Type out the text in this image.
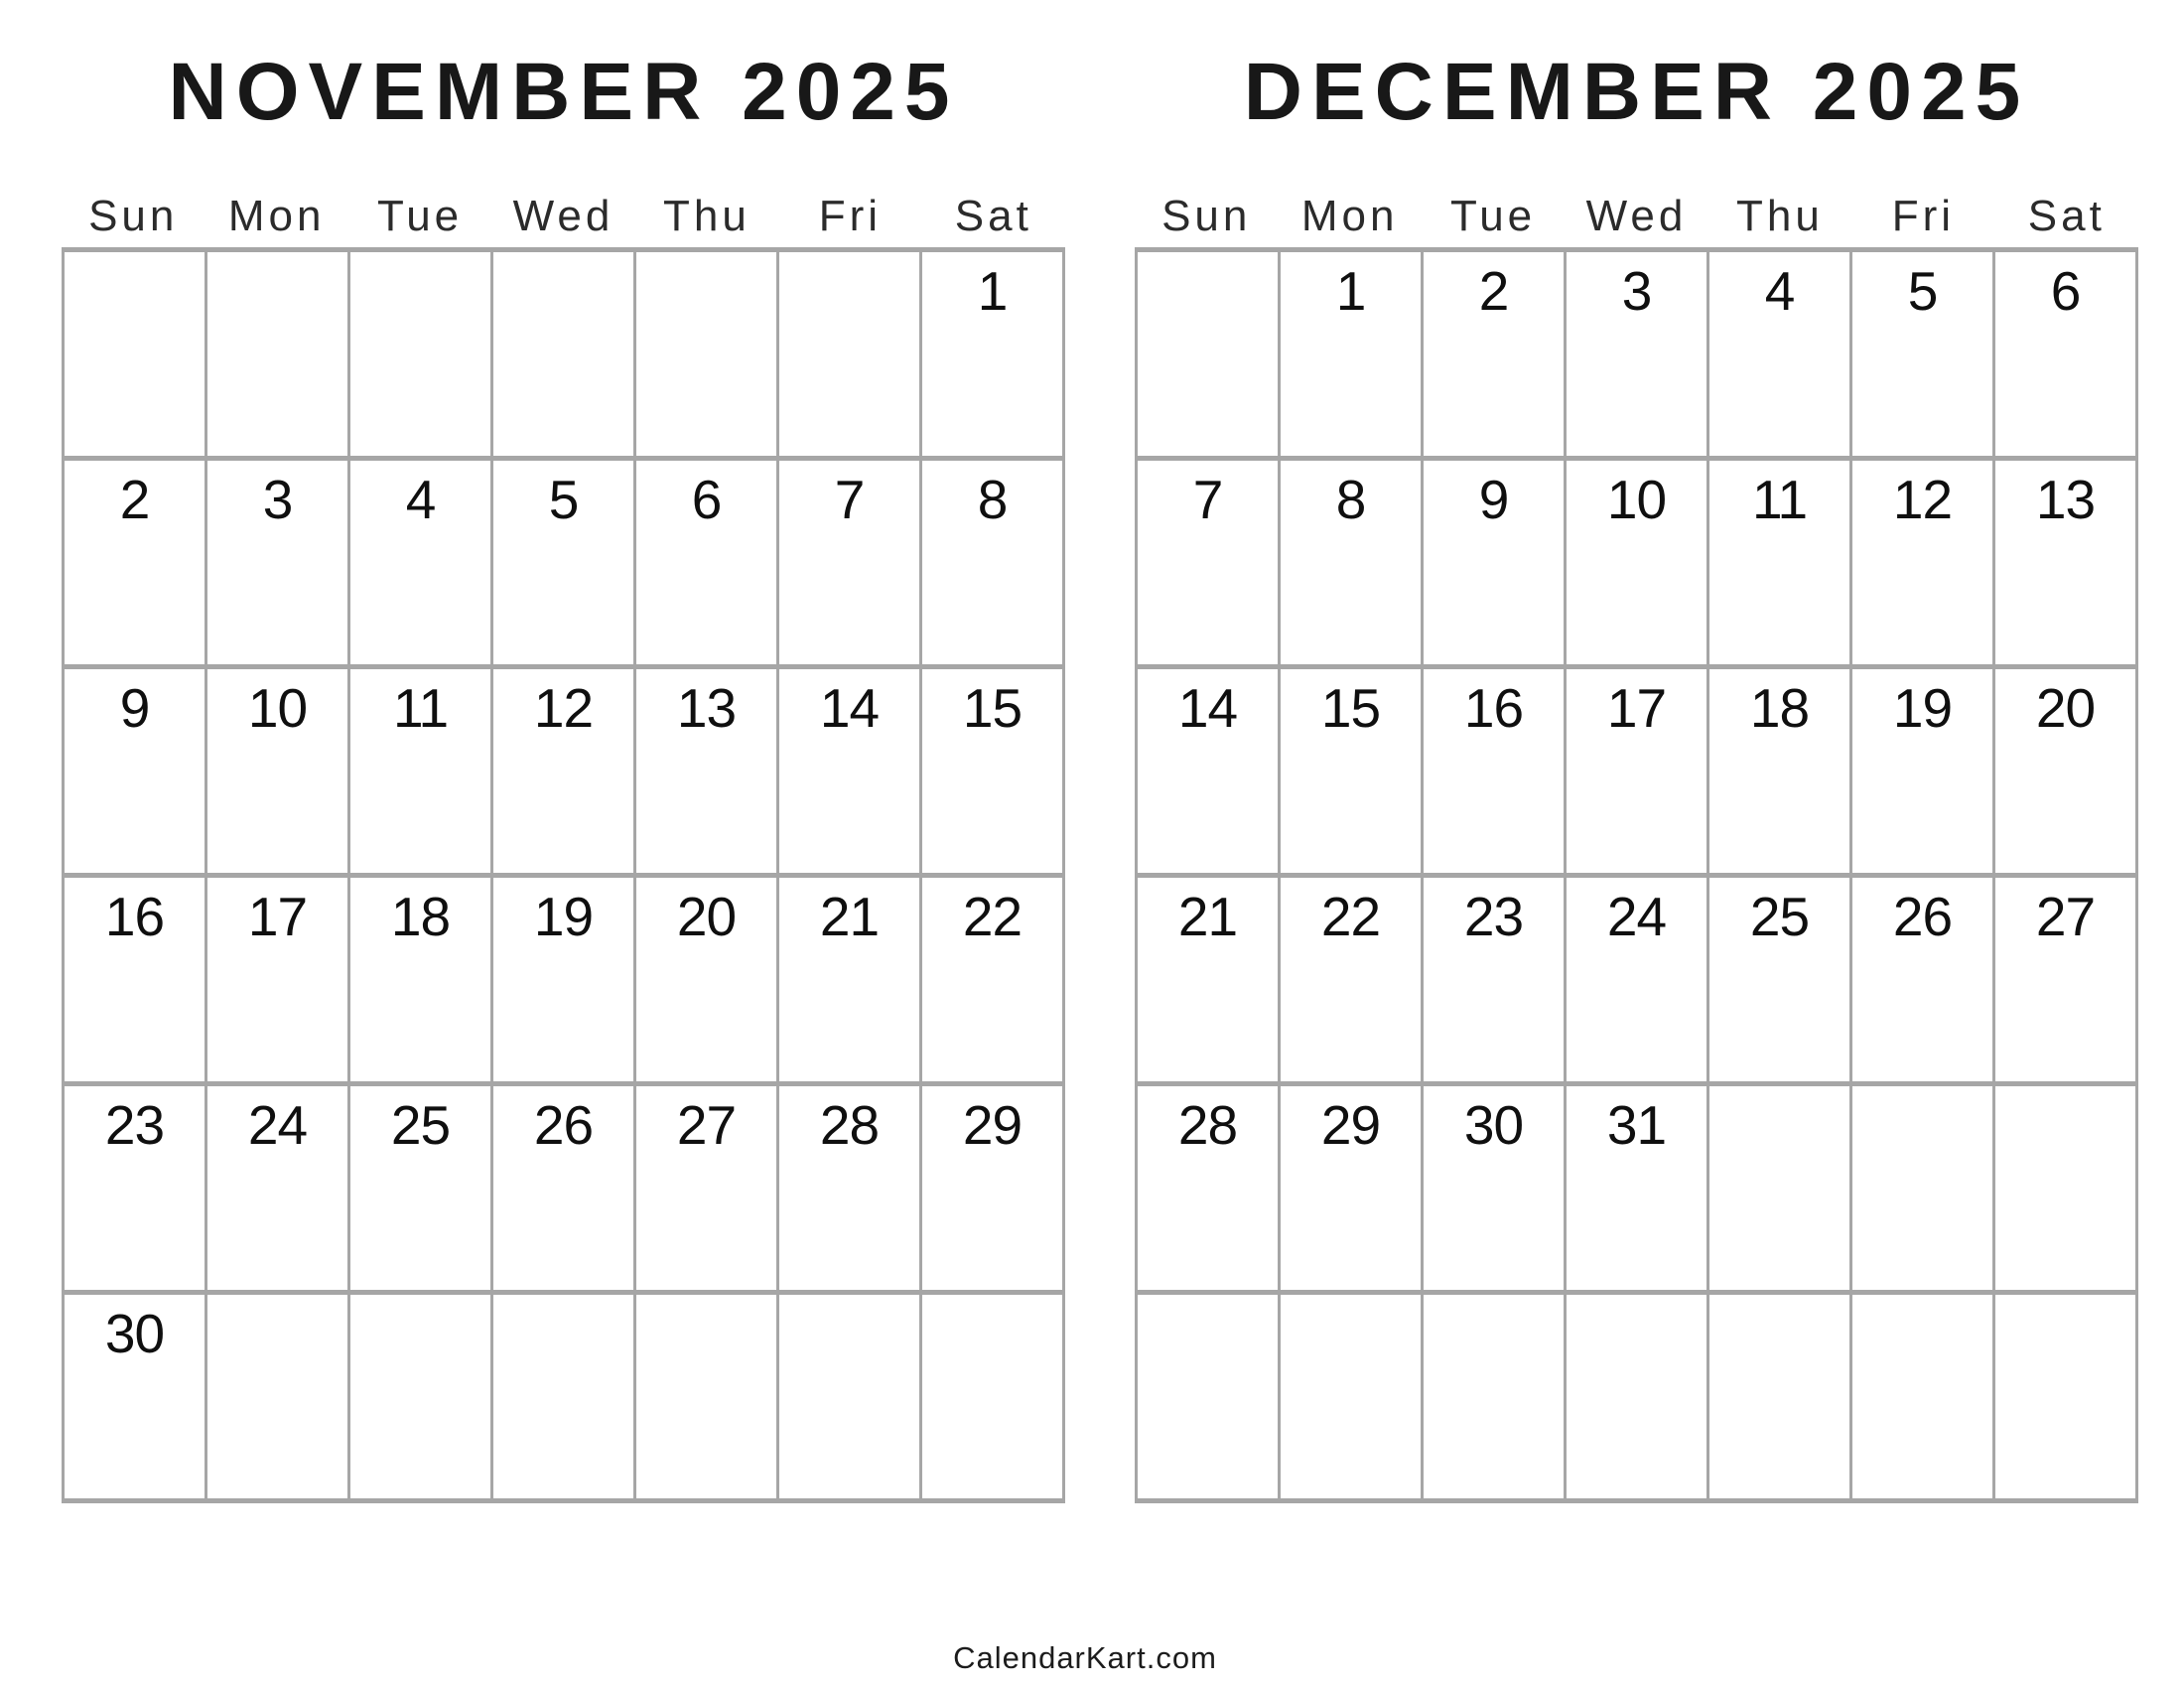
NOVEMBER 2025
Sun	Mon	Tue	Wed	Thu	Fri	Sat
						1
2	3	4	5	6	7	8
9	10	11	12	13	14	15
16	17	18	19	20	21	22
23	24	25	26	27	28	29
30						
DECEMBER 2025
Sun	Mon	Tue	Wed	Thu	Fri	Sat
	1	2	3	4	5	6
7	8	9	10	11	12	13
14	15	16	17	18	19	20
21	22	23	24	25	26	27
28	29	30	31			

CalendarKart.com
